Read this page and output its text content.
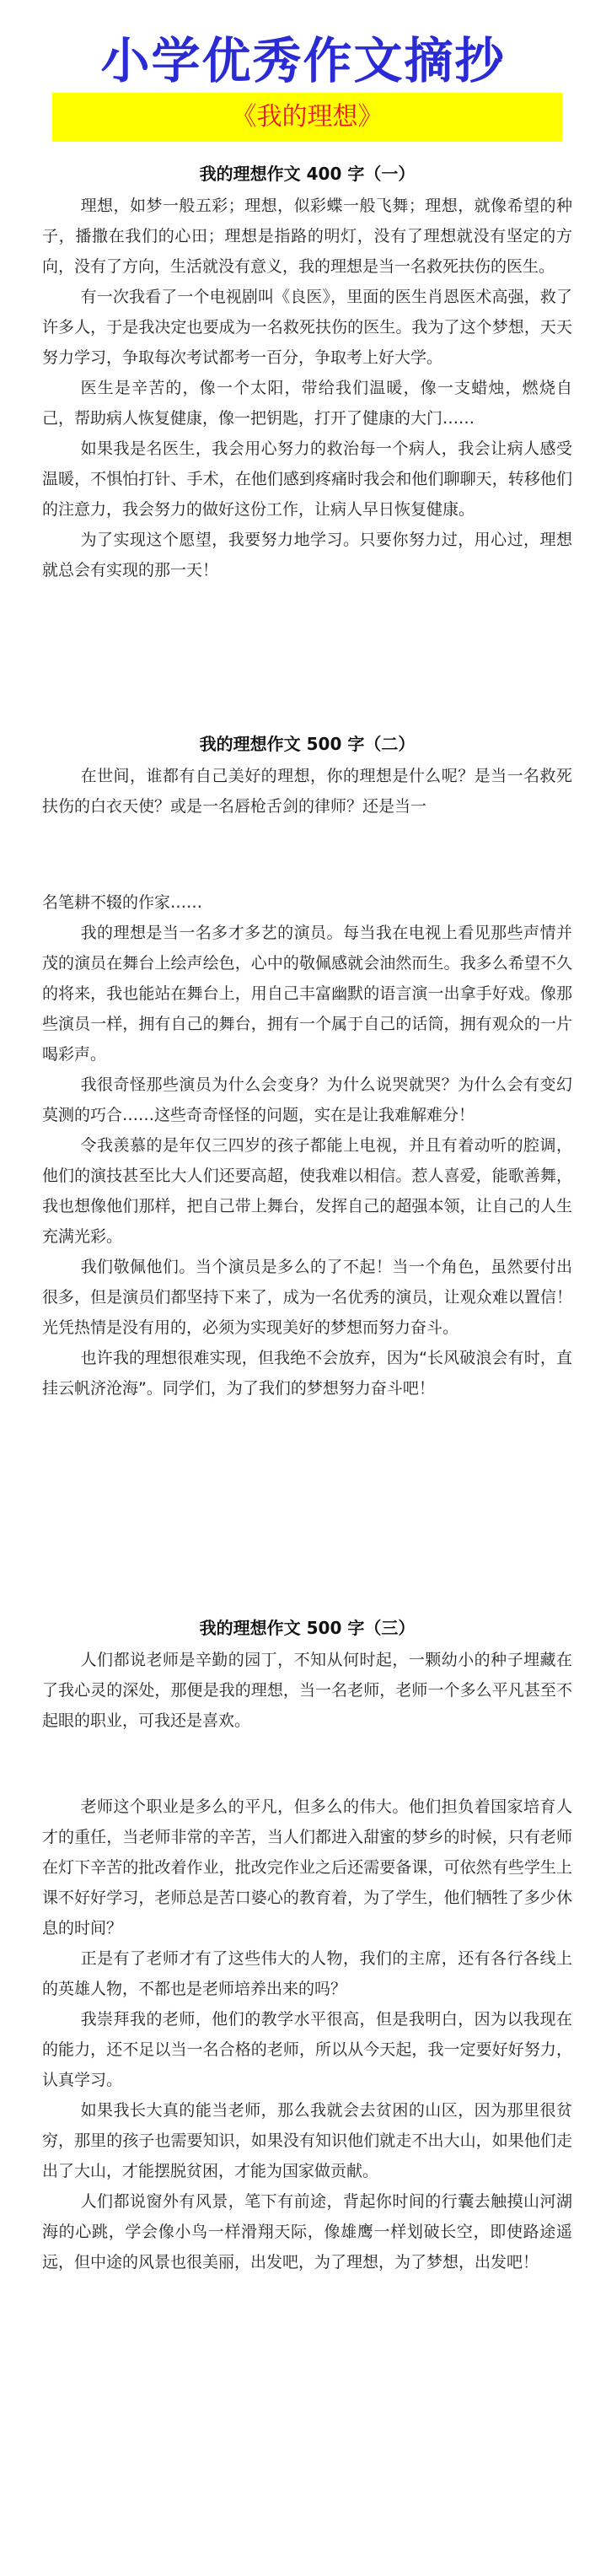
小学优秀作文摘抄
《我的理想》
我的理想作文 400 字（一）

理想，如梦一般五彩；理想，似彩蝶一般飞舞；理想，就像希望的种子，播撒在我们的心田；理想是指路的明灯，没有了理想就没有坚定的方向，没有了方向，生活就没有意义，我的理想是当一名救死扶伤的医生。

有一次我看了一个电视剧叫《良医》，里面的医生肖恩医术高强，救了许多人，于是我决定也要成为一名救死扶伤的医生。我为了这个梦想，天天努力学习，争取每次考试都考一百分，争取考上好大学。

医生是辛苦的，像一个太阳，带给我们温暖，像一支蜡烛，燃烧自己，帮助病人恢复健康，像一把钥匙，打开了健康的大门……

如果我是名医生，我会用心努力的救治每一个病人，我会让病人感受温暖，不惧怕打针、手术，在他们感到疼痛时我会和他们聊聊天，转移他们的注意力，我会努力的做好这份工作，让病人早日恢复健康。

为了实现这个愿望，我要努力地学习。只要你努力过，用心过，理想就总会有实现的那一天！

我的理想作文 500 字（二）

在世间，谁都有自己美好的理想，你的理想是什么呢？是当一名救死扶伤的白衣天使？或是一名唇枪舌剑的律师？还是当一

名笔耕不辍的作家……

我的理想是当一名多才多艺的演员。每当我在电视上看见那些声情并茂的演员在舞台上绘声绘色，心中的敬佩感就会油然而生。我多么希望不久的将来，我也能站在舞台上，用自己丰富幽默的语言演一出拿手好戏。像那些演员一样，拥有自己的舞台，拥有一个属于自己的话筒，拥有观众的一片喝彩声。

我很奇怪那些演员为什么会变身？为什么说哭就哭？为什么会有变幻莫测的巧合……这些奇奇怪怪的问题，实在是让我难解难分！

令我羡慕的是年仅三四岁的孩子都能上电视，并且有着动听的腔调，他们的演技甚至比大人们还要高超，使我难以相信。惹人喜爱，能歌善舞，我也想像他们那样，把自己带上舞台，发挥自己的超强本领，让自己的人生充满光彩。

我们敬佩他们。当个演员是多么的了不起！当一个角色，虽然要付出很多，但是演员们都坚持下来了，成为一名优秀的演员，让观众难以置信！光凭热情是没有用的，必须为实现美好的梦想而努力奋斗。

也许我的理想很难实现，但我绝不会放弃，因为“长风破浪会有时，直挂云帆济沧海”。同学们，为了我们的梦想努力奋斗吧！

我的理想作文 500 字（三）

人们都说老师是辛勤的园丁，不知从何时起，一颗幼小的种子埋藏在了我心灵的深处，那便是我的理想，当一名老师，老师一个多么平凡甚至不起眼的职业，可我还是喜欢。

老师这个职业是多么的平凡，但多么的伟大。他们担负着国家培育人才的重任，当老师非常的辛苦，当人们都进入甜蜜的梦乡的时候，只有老师在灯下辛苦的批改着作业，批改完作业之后还需要备课，可依然有些学生上课不好好学习，老师总是苦口婆心的教育着，为了学生，他们牺牲了多少休息的时间？

正是有了老师才有了这些伟大的人物，我们的主席，还有各行各线上的英雄人物，不都也是老师培养出来的吗？

我崇拜我的老师，他们的教学水平很高，但是我明白，因为以我现在的能力，还不足以当一名合格的老师，所以从今天起，我一定要好好努力，认真学习。

如果我长大真的能当老师，那么我就会去贫困的山区，因为那里很贫穷，那里的孩子也需要知识，如果没有知识他们就走不出大山，如果他们走出了大山，才能摆脱贫困，才能为国家做贡献。

人们都说窗外有风景，笔下有前途，背起你时间的行囊去触摸山河湖海的心跳，学会像小鸟一样滑翔天际，像雄鹰一样划破长空，即使路途遥远，但中途的风景也很美丽，出发吧，为了理想，为了梦想，出发吧！
